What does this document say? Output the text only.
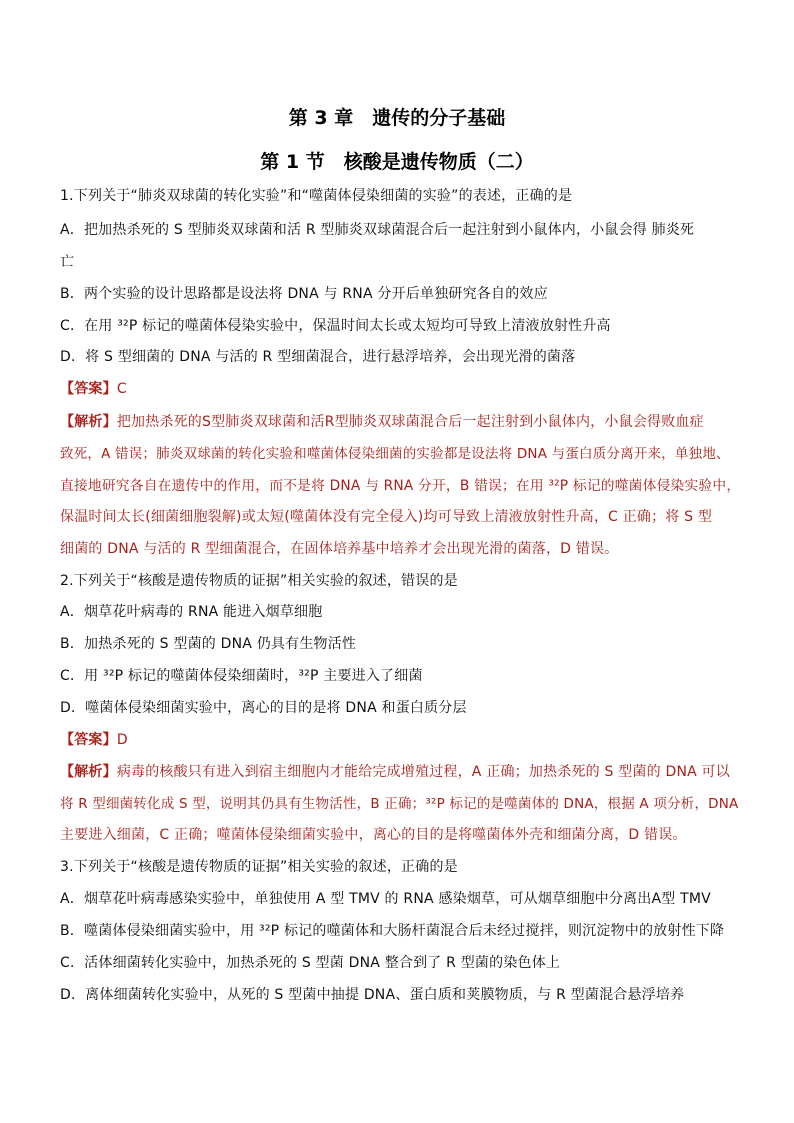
第 3 章　遗传的分子基础
第 1 节　核酸是遗传物质（二）
1.下列关于“肺炎双球菌的转化实验”和“噬菌体侵染细菌的实验”的表述，正确的是
A．把加热杀死的 S 型肺炎双球菌和活 R 型肺炎双球菌混合后一起注射到小鼠体内，小鼠会得 肺炎死
亡
B．两个实验的设计思路都是设法将 DNA 与 RNA 分开后单独研究各自的效应
C．在用 ³²P 标记的噬菌体侵染实验中，保温时间太长或太短均可导致上清液放射性升高
D．将 S 型细菌的 DNA 与活的 R 型细菌混合，进行悬浮培养，会出现光滑的菌落
【答案】C
【解析】把加热杀死的S型肺炎双球菌和活R型肺炎双球菌混合后一起注射到小鼠体内，小鼠会得败血症
致死，A 错误；肺炎双球菌的转化实验和噬菌体侵染细菌的实验都是设法将 DNA 与蛋白质分离开来，单独地、
直接地研究各自在遗传中的作用，而不是将 DNA 与 RNA 分开，B 错误；在用 ³²P 标记的噬菌体侵染实验中，
保温时间太长(细菌细胞裂解)或太短(噬菌体没有完全侵入)均可导致上清液放射性升高，C 正确；将 S 型
细菌的 DNA 与活的 R 型细菌混合，在固体培养基中培养才会出现光滑的菌落，D 错误。
2.下列关于“核酸是遗传物质的证据”相关实验的叙述，错误的是
A．烟草花叶病毒的 RNA 能进入烟草细胞
B．加热杀死的 S 型菌的 DNA 仍具有生物活性
C．用 ³²P 标记的噬菌体侵染细菌时，³²P 主要进入了细菌
D．噬菌体侵染细菌实验中，离心的目的是将 DNA 和蛋白质分层
【答案】D
【解析】病毒的核酸只有进入到宿主细胞内才能给完成增殖过程，A 正确；加热杀死的 S 型菌的 DNA 可以
将 R 型细菌转化成 S 型，说明其仍具有生物活性，B 正确；³²P 标记的是噬菌体的 DNA，根据 A 项分析，DNA
主要进入细菌，C 正确；噬菌体侵染细菌实验中，离心的目的是将噬菌体外壳和细菌分离，D 错误。
3.下列关于“核酸是遗传物质的证据”相关实验的叙述，正确的是
A．烟草花叶病毒感染实验中，单独使用 A 型 TMV 的 RNA 感染烟草，可从烟草细胞中分离出A型 TMV
B．噬菌体侵染细菌实验中，用 ³²P 标记的噬菌体和大肠杆菌混合后未经过搅拌，则沉淀物中的放射性下降
C．活体细菌转化实验中，加热杀死的 S 型菌 DNA 整合到了 R 型菌的染色体上
D．离体细菌转化实验中，从死的 S 型菌中抽提 DNA、蛋白质和荚膜物质，与 R 型菌混合悬浮培养
